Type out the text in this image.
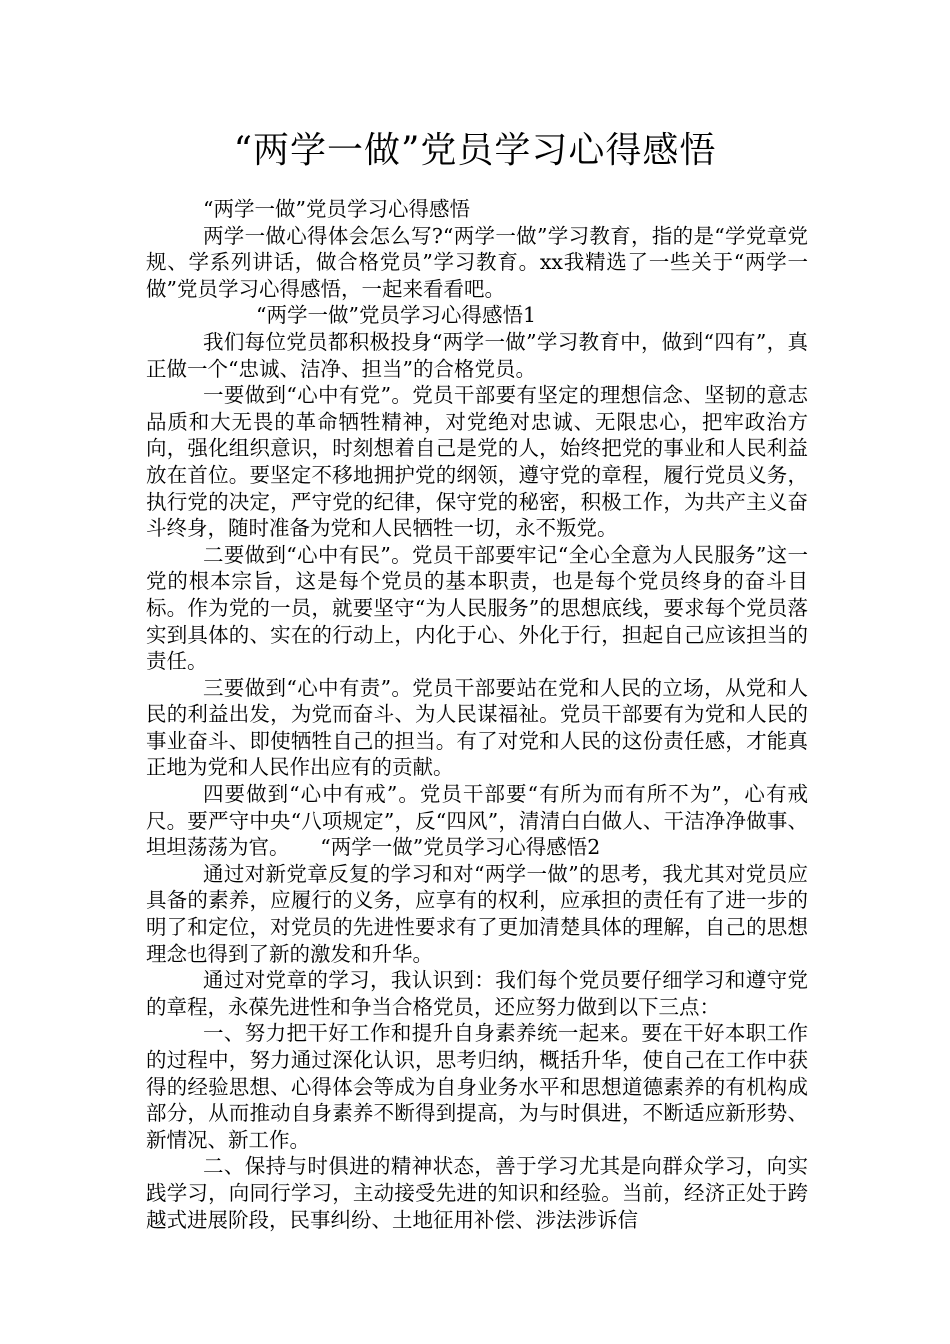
“两学一做”党员学习心得感悟

“两学一做”党员学习心得感悟

两学一做心得体会怎么写?“两学一做”学习教育，指的是“学党章党规、学系列讲话，做合格党员”学习教育。xx我精选了一些关于“两学一做”党员学习心得感悟，一起来看看吧。

“两学一做”党员学习心得感悟1

我们每位党员都积极投身“两学一做”学习教育中，做到“四有”，真正做一个“忠诚、洁净、担当”的合格党员。

一要做到“心中有党”。党员干部要有坚定的理想信念、坚韧的意志品质和大无畏的革命牺牲精神，对党绝对忠诚、无限忠心，把牢政治方向，强化组织意识，时刻想着自己是党的人，始终把党的事业和人民利益放在首位。要坚定不移地拥护党的纲领，遵守党的章程，履行党员义务，执行党的决定，严守党的纪律，保守党的秘密，积极工作，为共产主义奋斗终身，随时准备为党和人民牺牲一切，永不叛党。

二要做到“心中有民”。党员干部要牢记“全心全意为人民服务”这一党的根本宗旨，这是每个党员的基本职责，也是每个党员终身的奋斗目标。作为党的一员，就要坚守“为人民服务”的思想底线，要求每个党员落实到具体的、实在的行动上，内化于心、外化于行，担起自己应该担当的责任。

三要做到“心中有责”。党员干部要站在党和人民的立场，从党和人民的利益出发，为党而奋斗、为人民谋福祉。党员干部要有为党和人民的事业奋斗、即使牺牲自己的担当。有了对党和人民的这份责任感，才能真正地为党和人民作出应有的贡献。

四要做到“心中有戒”。党员干部要“有所为而有所不为”，心有戒尺。要严守中央“八项规定”，反“四风”，清清白白做人、干洁净净做事、坦坦荡荡为官。　　“两学一做”党员学习心得感悟2

通过对新党章反复的学习和对“两学一做”的思考，我尤其对党员应具备的素养，应履行的义务，应享有的权利，应承担的责任有了进一步的明了和定位，对党员的先进性要求有了更加清楚具体的理解，自己的思想理念也得到了新的激发和升华。

通过对党章的学习，我认识到：我们每个党员要仔细学习和遵守党的章程，永葆先进性和争当合格党员，还应努力做到以下三点：

一、努力把干好工作和提升自身素养统一起来。要在干好本职工作的过程中，努力通过深化认识，思考归纳，概括升华，使自己在工作中获得的经验思想、心得体会等成为自身业务水平和思想道德素养的有机构成部分，从而推动自身素养不断得到提高，为与时俱进，不断适应新形势、新情况、新工作。

二、保持与时俱进的精神状态，善于学习尤其是向群众学习，向实践学习，向同行学习，主动接受先进的知识和经验。当前，经济正处于跨越式进展阶段，民事纠纷、土地征用补偿、涉法涉诉信
